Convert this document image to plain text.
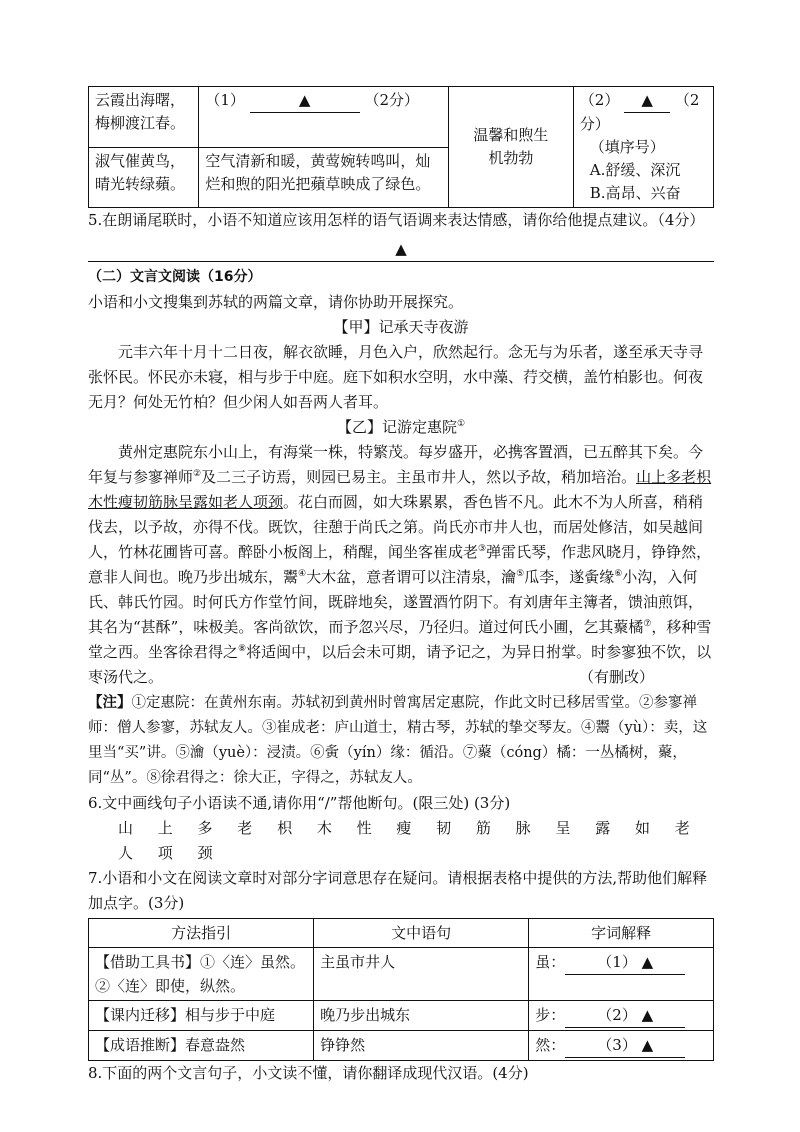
云霞出海曙，梅柳渡江春。	（1） ▲ （2分）	温馨和煦生机勃勃	（2） ▲ （2分）
（填序号）
A.舒缓、深沉
B.高昂、兴奋

淑气催黄鸟，晴光转绿蘋。	空气清新和暖，黄莺婉转鸣叫，灿烂和煦的阳光把蘋草映成了绿色。		

5.在朗诵尾联时，小语不知道应该用怎样的语气语调来表达情感，请你给他提点建议。（4分）

▲
（二）文言文阅读（16分）

小语和小文搜集到苏轼的两篇文章，请你协助开展探究。

【甲】记承天寺夜游

元丰六年十月十二日夜，解衣欲睡，月色入户，欣然起行。念无与为乐者，遂至承天寺寻张怀民。怀民亦未寝，相与步于中庭。庭下如积水空明，水中藻、荇交横，盖竹柏影也。何夜无月？何处无竹柏？但少闲人如吾两人者耳。

【乙】记游定惠院①

黄州定惠院东小山上，有海棠一株，特繁茂。每岁盛开，必携客置酒，已五醉其下矣。今年复与参寥禅师②及二三子访焉，则园已易主。主虽市井人，然以予故，稍加培治。山上多老枳木性瘦韧筋脉呈露如老人项颈。花白而圆，如大珠累累，香色皆不凡。此木不为人所喜，稍稍伐去，以予故，亦得不伐。既饮，往憩于尚氏之第。尚氏亦市井人也，而居处修洁，如吴越间人，竹林花圃皆可喜。醉卧小板阁上，稍醒，闻坐客崔成老③弹雷氏琴，作悲风晓月，铮铮然，意非人间也。晚乃步出城东，鬻④大木盆，意者谓可以注清泉，瀹⑤瓜李，遂夤缘⑥小沟，入何氏、韩氏竹园。时何氏方作堂竹间，既辟地矣，遂置酒竹阴下。有刘唐年主簿者，馈油煎饵，其名为“甚酥”，味极美。客尚欲饮，而予忽兴尽，乃径归。道过何氏小圃，乞其藂橘⑦，移种雪堂之西。坐客徐君得之⑧将适闽中，以后会未可期，请予记之，为异日拊掌。时参寥独不饮，以枣汤代之。	（有删改）

【注】①定惠院：在黄州东南。苏轼初到黄州时曾寓居定惠院，作此文时已移居雪堂。②参寥禅师：僧人参寥，苏轼友人。③崔成老：庐山道士，精古琴，苏轼的挚交琴友。④鬻（yù）：卖，这里当“买”讲。⑤瀹（yuè）：浸渍。⑥夤（yín）缘：循沿。⑦藂（cóng）橘：一丛橘树，藂，同“丛”。⑧徐君得之：徐大正，字得之，苏轼友人。

6.文中画线句子小语读不通,请你用“/”帮他断句。(限三处) (3分)

山 上 多 老 枳 木 性 瘦 韧 筋 脉 呈 露 如 老 人 项 颈

7.小语和小文在阅读文章时对部分字词意思存在疑问。请根据表格中提供的方法,帮助他们解释加点字。(3分)

方法指引	文中语句	字词解释
【借助工具书】①〈连〉虽然。②〈连〉即使，纵然。	主虽市井人	虽： （1） ▲
【课内迁移】相与步于中庭	晚乃步出城东	步： （2） ▲
【成语推断】春意盎然	铮铮然	然： （3） ▲

8.下面的两个文言句子，小文读不懂，请你翻译成现代汉语。(4分)
